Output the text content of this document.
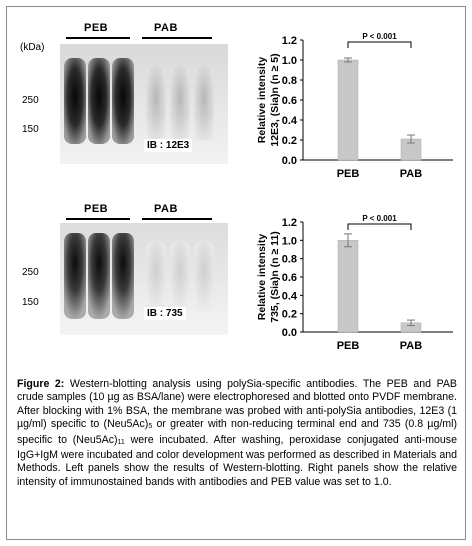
PEB	PAB
(kDa)
250
150
IB : 12E3
PEB	PAB
250
150
IB : 735
0.0
0.2
0.4
0.6
0.8
1.0
1.2
Relative intensity 12E3, (Sia)n (n ≥ 5)
PEB	PAB
P < 0.001
0.0
0.2
0.4
0.6
0.8
1.0
1.2
Relative intensity 735, (Sia)n (n ≥ 11)
PEB	PAB
P < 0.001
Figure 2: Western-blotting analysis using polySia-specific antibodies. The PEB and PAB crude samples (10 µg as BSA/lane) were electrophoresed and blotted onto PVDF membrane. After blocking with 1% BSA, the membrane was probed with anti-polySia antibodies, 12E3 (1 µg/ml) specific to $(Neu5Ac)_5$ or greater with non-reducing terminal end and 735 (0.8 µg/ml) specific to $(Neu5Ac)_{11}$ were incubated. After washing, peroxidase conjugated anti-mouse IgG+IgM were incubated and color development was performed as described in Materials and Methods. Left panels show the results of Western-blotting. Right panels show the relative intensity of immunostained bands with antibodies and PEB value was set to 1.0.
